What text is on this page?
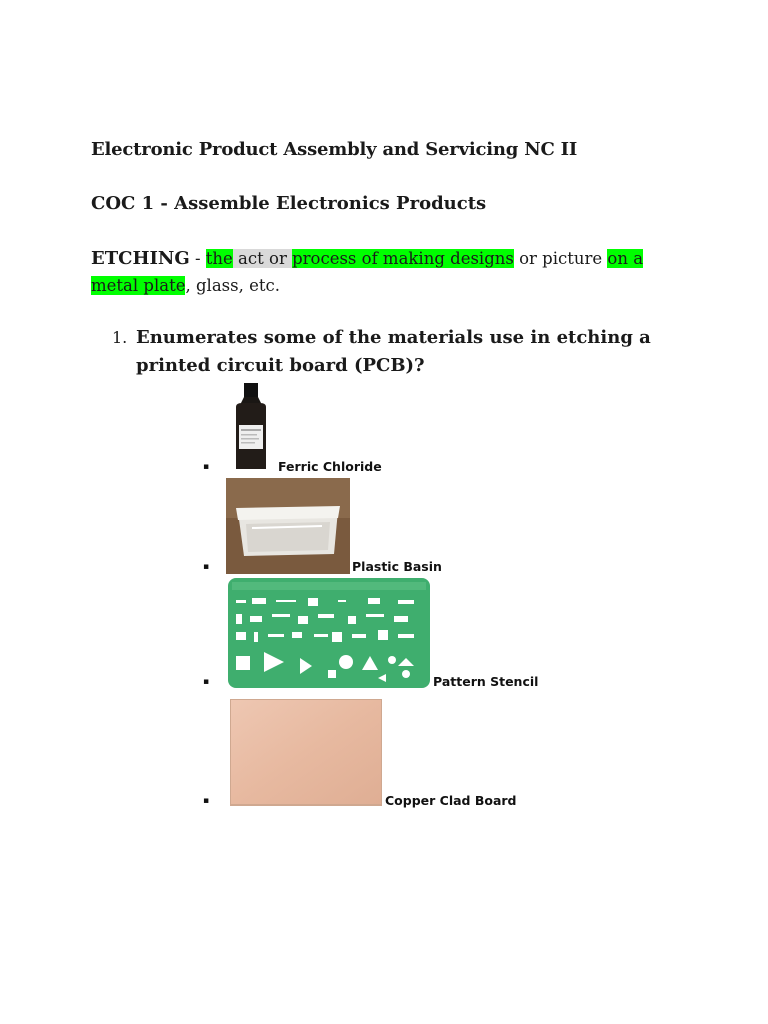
Electronic Product Assembly and Servicing NC II
COC 1 - Assemble Electronics Products
ETCHING - the act or process of making designs or picture on a metal plate, glass, etc.
1. Enumerates some of the materials use in etching a printed circuit board (PCB)?
▪	Ferric Chloride
▪	Plastic Basin
▪	Pattern Stencil
▪	Copper Clad Board
